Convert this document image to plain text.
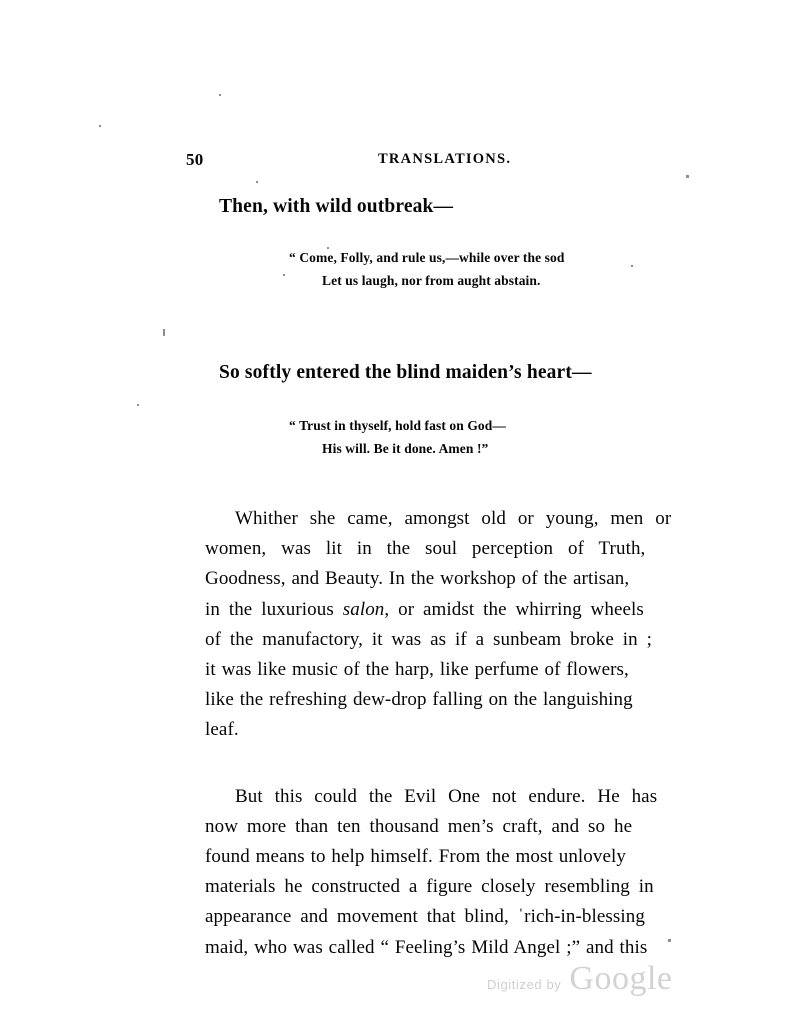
50	TRANSLATIONS.

Then, with wild outbreak—

“ Come, Folly, and rule us,—while over the sod
Let us laugh, nor from aught abstain.

So softly entered the blind maiden’s heart—

“ Trust in thyself, hold fast on God—
His will. Be it done. Amen !”

Whither she came, amongst old or young, men or
women, was lit in the soul perception of Truth,
Goodness, and Beauty. In the workshop of the artisan,
in the luxurious salon, or amidst the whirring wheels
of the manufactory, it was as if a sunbeam broke in ;
it was like music of the harp, like perfume of flowers,
like the refreshing dew-drop falling on the languishing
leaf.

But this could the Evil One not endure. He has
now more than ten thousand men’s craft, and so he
found means to help himself. From the most unlovely
materials he constructed a figure closely resembling in
appearance and movement that blind, ˈrich-in-blessing
maid, who was called “ Feeling’s Mild Angel ;” and this

Digitized by Google
